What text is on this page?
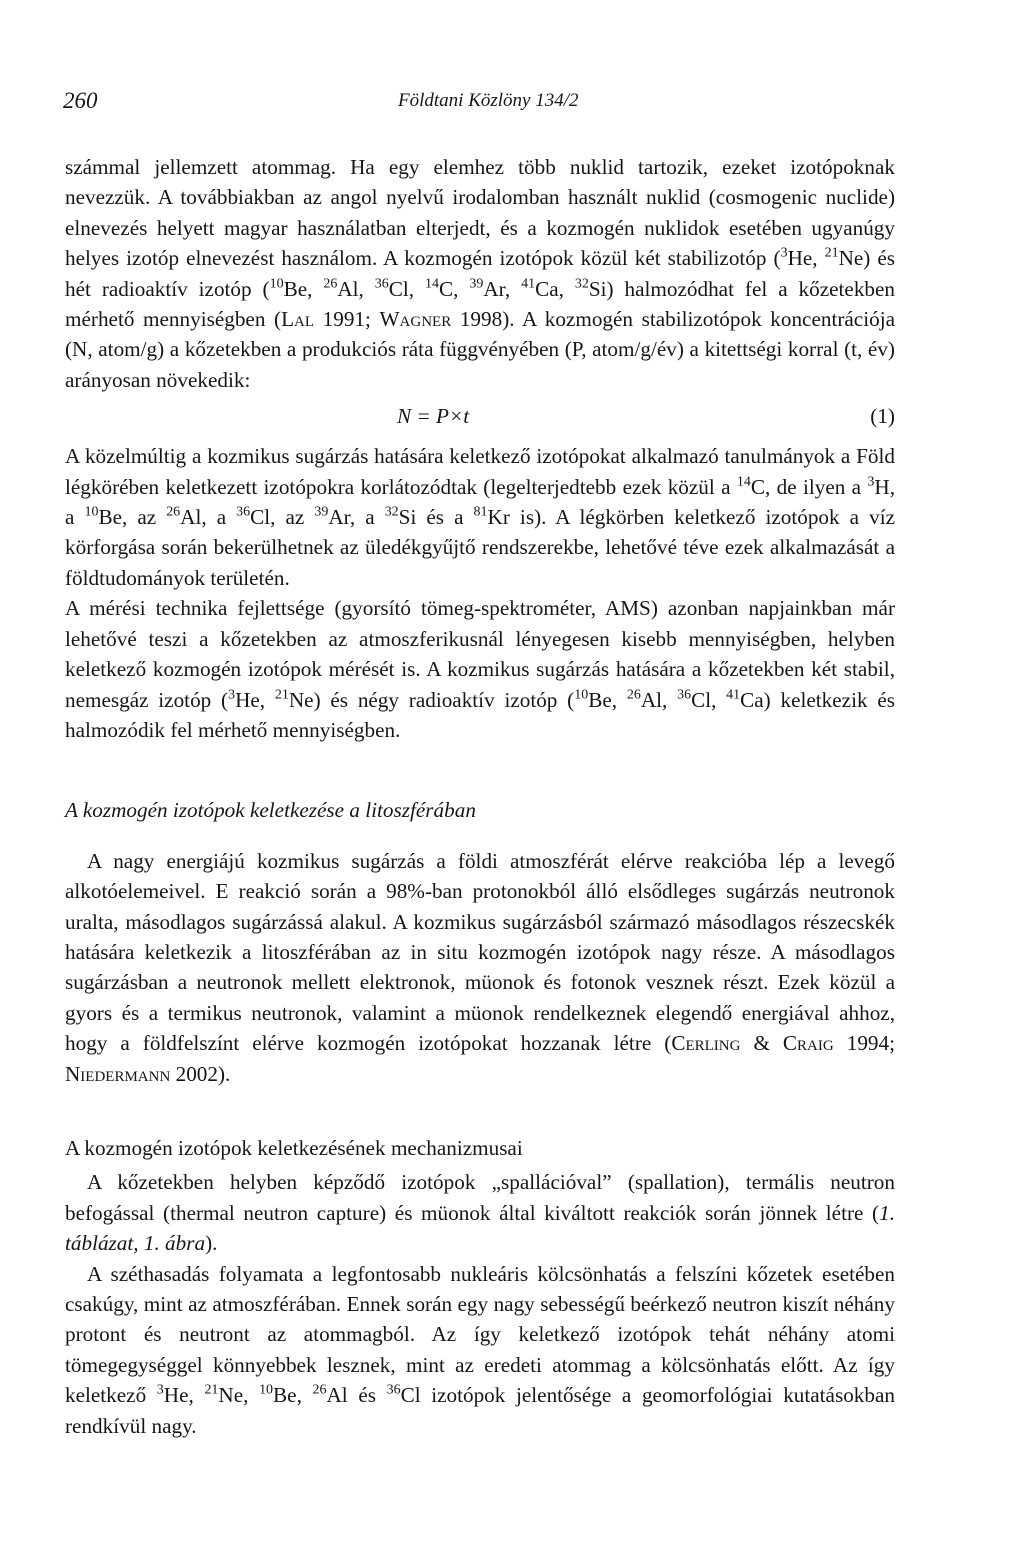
260	Földtani Közlöny 134/2

számmal jellemzett atommag. Ha egy elemhez több nuklid tartozik, ezeket izotópoknak nevezzük. A továbbiakban az angol nyelvű irodalomban használt nuklid (cosmogenic nuclide) elnevezés helyett magyar használatban elterjedt, és a kozmogén nuklidok esetében ugyanúgy helyes izotóp elnevezést használom. A kozmogén izotópok közül két stabilizotóp ($^3$He, $^{21}$Ne) és hét radioaktív izotóp ($^{10}$Be, $^{26}$Al, $^{36}$Cl, $^{14}$C, $^{39}$Ar, $^{41}$Ca, $^{32}$Si) halmozódhat fel a kőzetekben mérhető mennyiségben (Lal 1991; Wagner 1998). A kozmogén stabilizotópok koncentrációja (N, atom/g) a kőzetekben a produkciós ráta függvényében (P, atom/g/év) a kitettségi korral (t, év) arányosan növekedik:

N = P×t	(1)

A közelmúltig a kozmikus sugárzás hatására keletkező izotópokat alkalmazó tanulmányok a Föld légkörében keletkezett izotópokra korlátozódtak (legelterjedtebb ezek közül a $^{14}$C, de ilyen a $^3$H, a $^{10}$Be, az $^{26}$Al, a $^{36}$Cl, az $^{39}$Ar, a $^{32}$Si és a $^{81}$Kr is). A légkörben keletkező izotópok a víz körforgása során bekerülhetnek az üledékgyűjtő rendszerekbe, lehetővé téve ezek alkalmazását a földtudományok területén.

A mérési technika fejlettsége (gyorsító tömeg-spektrométer, AMS) azonban napjainkban már lehetővé teszi a kőzetekben az atmoszferikusnál lényegesen kisebb mennyiségben, helyben keletkező kozmogén izotópok mérését is. A kozmikus sugárzás hatására a kőzetekben két stabil, nemesgáz izotóp ($^3$He, $^{21}$Ne) és négy radioaktív izotóp ($^{10}$Be, $^{26}$Al, $^{36}$Cl, $^{41}$Ca) keletkezik és halmozódik fel mérhető mennyiségben.

A kozmogén izotópok keletkezése a litoszférában

A nagy energiájú kozmikus sugárzás a földi atmoszférát elérve reakcióba lép a levegő alkotóelemeivel. E reakció során a 98%-ban protonokból álló elsődleges sugárzás neutronok uralta, másodlagos sugárzássá alakul. A kozmikus sugárzásból származó másodlagos részecskék hatására keletkezik a litoszférában az in situ kozmogén izotópok nagy része. A másodlagos sugárzásban a neutronok mellett elektronok, müonok és fotonok vesznek részt. Ezek közül a gyors és a termikus neutronok, valamint a müonok rendelkeznek elegendő energiával ahhoz, hogy a földfelszínt elérve kozmogén izotópokat hozzanak létre (Cerling & Craig 1994; Niedermann 2002).

A kozmogén izotópok keletkezésének mechanizmusai

A kőzetekben helyben képződő izotópok „spallációval” (spallation), termális neutron befogással (thermal neutron capture) és müonok által kiváltott reakciók során jönnek létre (1. táblázat, 1. ábra).

A széthasadás folyamata a legfontosabb nukleáris kölcsönhatás a felszíni kőzetek esetében csakúgy, mint az atmoszférában. Ennek során egy nagy sebességű beérkező neutron kiszít néhány protont és neutront az atommagból. Az így keletkező izotópok tehát néhány atomi tömegegységgel könnyebbek lesznek, mint az eredeti atommag a kölcsönhatás előtt. Az így keletkező $^3$He, $^{21}$Ne, $^{10}$Be, $^{26}$Al és $^{36}$Cl izotópok jelentősége a geomorfológiai kutatásokban rendkívül nagy.
